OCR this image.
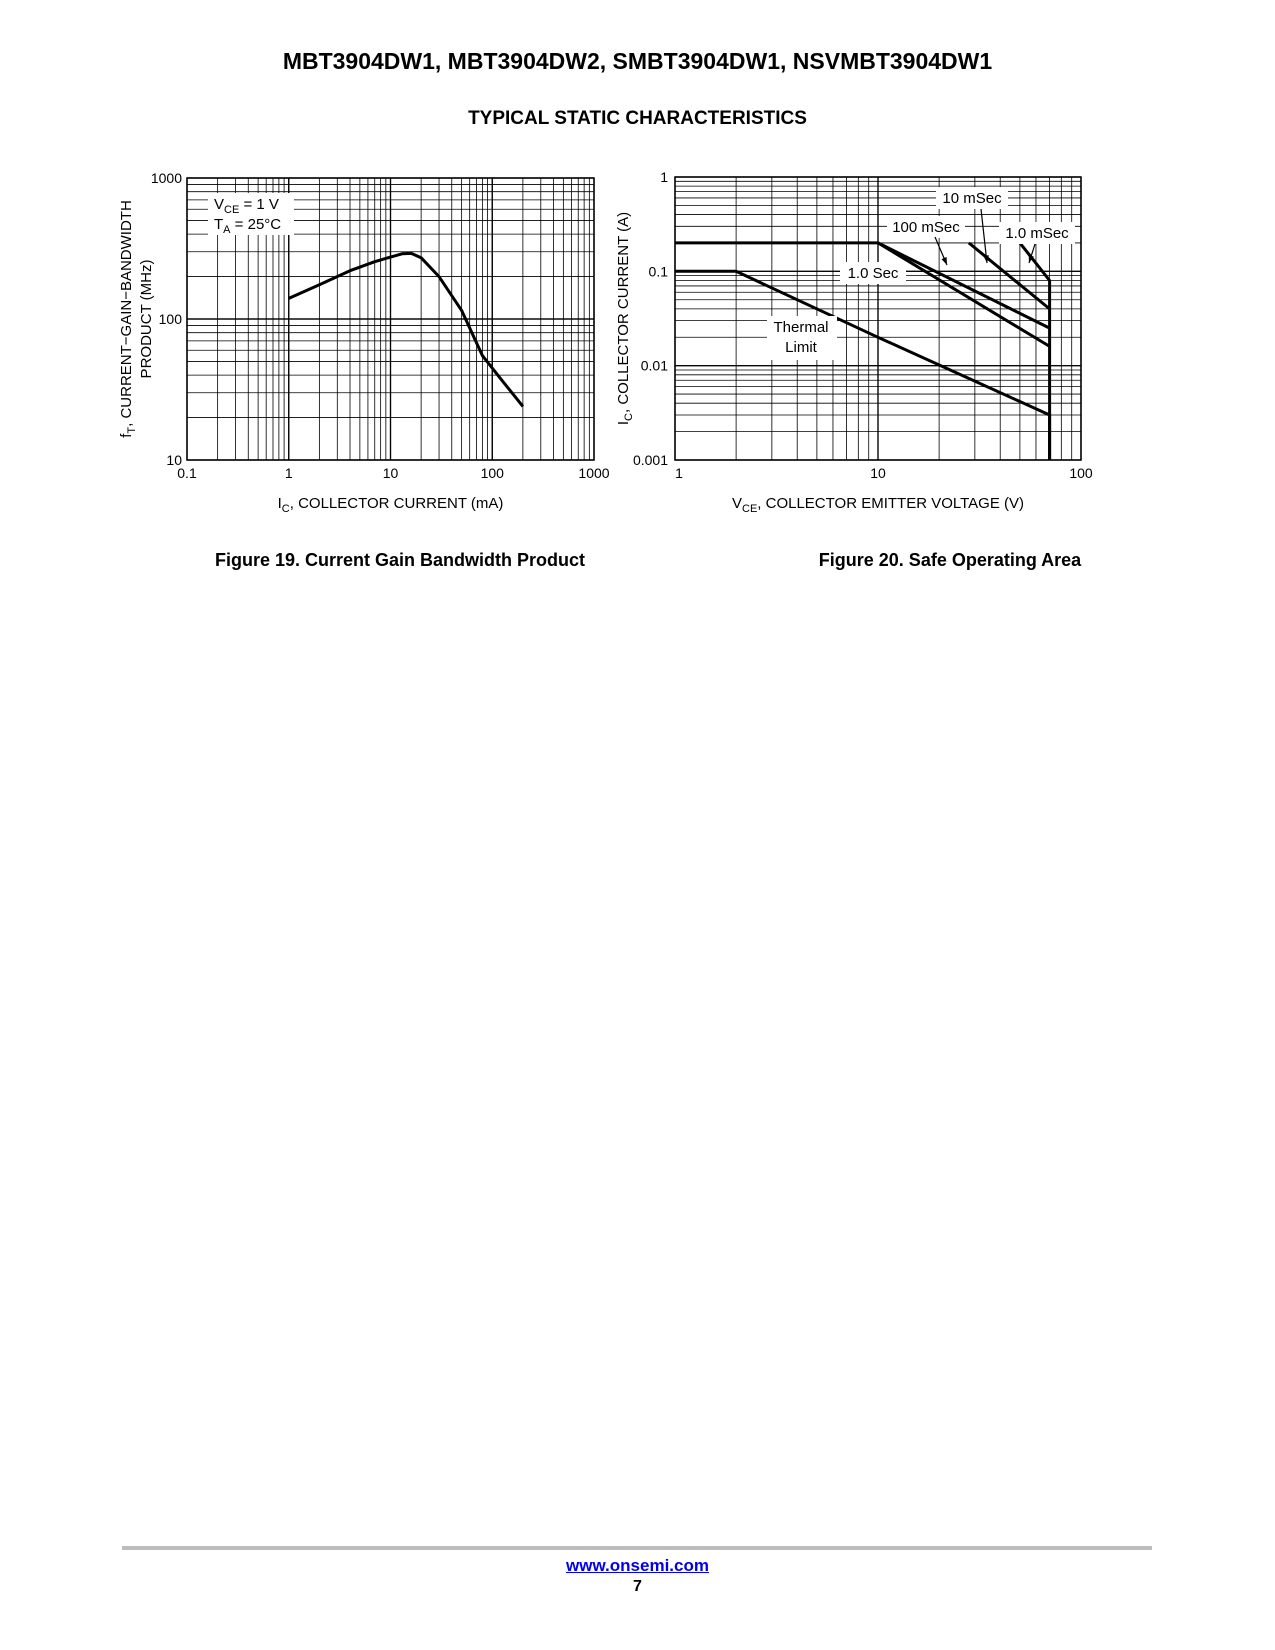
MBT3904DW1, MBT3904DW2, SMBT3904DW1, NSVMBT3904DW1
TYPICAL STATIC CHARACTERISTICS
$V_{CE} = 1$ V
$T_A = 25^\circ C$
0.1	1	10	100	1000
10
100
1000
$I_C$, COLLECTOR CURRENT (mA)
$f_T$, CURRENT−GAIN−BANDWIDTH PRODUCT (MHz)
Figure 19. Current Gain Bandwidth Product
10 mSec
100 mSec	1.0 mSec
1.0 Sec
Thermal
Limit
1	10	100
0.001
0.01
0.1
1
$V_{CE}$, COLLECTOR EMITTER VOLTAGE (V)
$I_C$, COLLECTOR CURRENT (A)
Figure 20. Safe Operating Area
www.onsemi.com
7
